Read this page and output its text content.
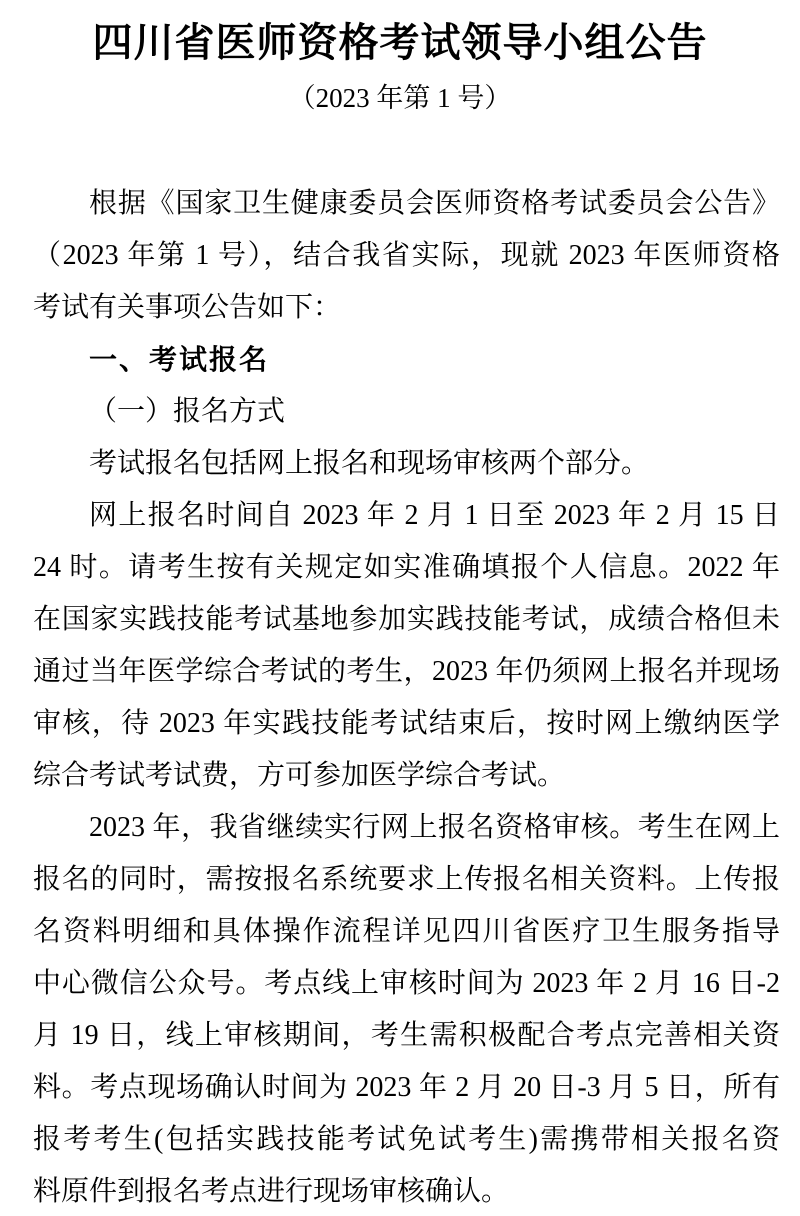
四川省医师资格考试领导小组公告
（2023 年第 1 号）
根据《国家卫生健康委员会医师资格考试委员会公告》
（2023 年第 1 号），结合我省实际，现就 2023 年医师资格
考试有关事项公告如下：
一、考试报名
（一）报名方式
考试报名包括网上报名和现场审核两个部分。
网上报名时间自 2023 年 2 月 1 日至 2023 年 2 月 15 日
24 时。请考生按有关规定如实准确填报个人信息。2022 年
在国家实践技能考试基地参加实践技能考试，成绩合格但未
通过当年医学综合考试的考生，2023 年仍须网上报名并现场
审核，待 2023 年实践技能考试结束后，按时网上缴纳医学
综合考试考试费，方可参加医学综合考试。
2023 年，我省继续实行网上报名资格审核。考生在网上
报名的同时，需按报名系统要求上传报名相关资料。上传报
名资料明细和具体操作流程详见四川省医疗卫生服务指导
中心微信公众号。考点线上审核时间为 2023 年 2 月 16 日-2
月 19 日，线上审核期间，考生需积极配合考点完善相关资
料。考点现场确认时间为 2023 年 2 月 20 日-3 月 5 日，所有
报考考生(包括实践技能考试免试考生)需携带相关报名资
料原件到报名考点进行现场审核确认。
